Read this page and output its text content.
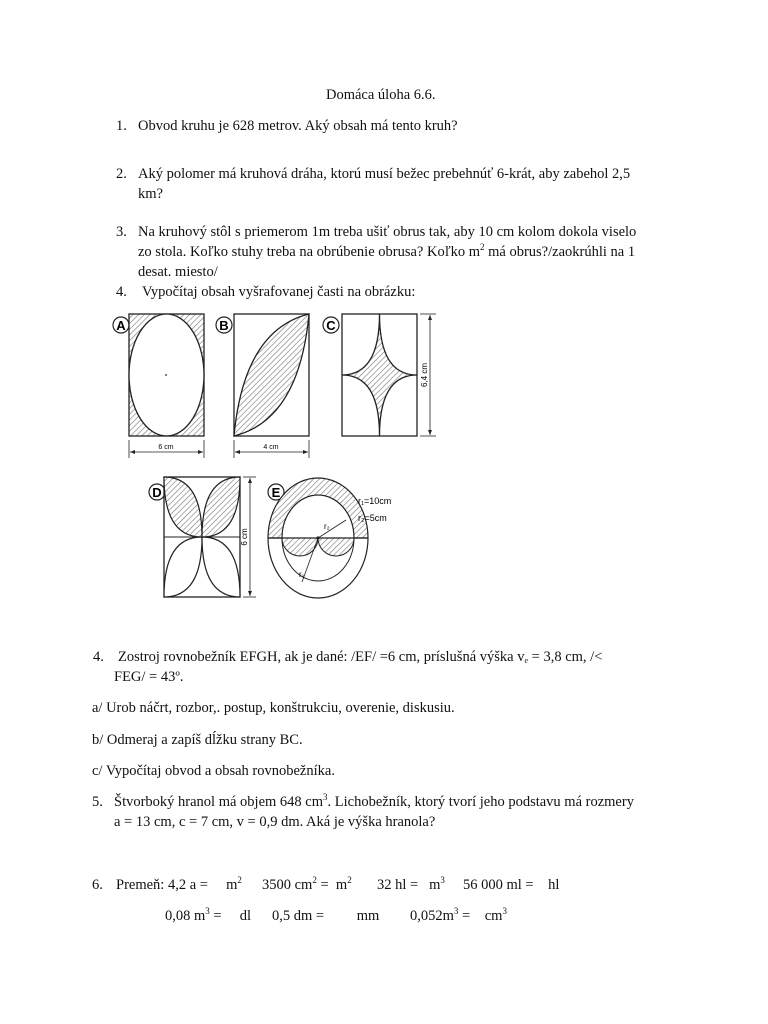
Domáca úloha 6.6.
1. Obvod kruhu je 628 metrov. Aký obsah má tento kruh?
2. Aký polomer má kruhová dráha, ktorú musí bežec prebehnúť 6-krát, aby zabehol 2,5
km?
3. Na kruhový stôl s priemerom 1m treba ušiť obrus tak, aby 10 cm kolom dokola viselo
zo stola. Koľko stuhy treba na obrúbenie obrusa? Koľko $m^2$ má obrus?/zaokrúhli na 1
desat. miesto/
4. Vypočítaj obsah vyšrafovanej časti na obrázku:
A
6 cm
B
4 cm
C
6,4 cm
D
6 cm
E
r₂
r₁
r₁=10cm
r₂=5cm
4. Zostroj rovnobežník EFGH, ak je dané: /EF/ =6 cm, príslušná výška $v_e = 3,8$ cm, /<
FEG/ = 43º.
a/ Urob náčrt, rozbor,. postup, konštrukciu, overenie, diskusiu.
b/ Odmeraj a zapíš dĺžku strany BC.
c/ Vypočítaj obvod a obsah rovnobežníka.
5. Štvorboký hranol má objem 648 $cm^3$. Lichobežník, ktorý tvorí jeho podstavu má rozmery
a = 13 cm, c = 7 cm, v = 0,9 dm. Aká je výška hranola?
6. Premeň: 4,2 $a = m^2$ 3500 $cm^2 = m^2$ 32 hl = $m^3$ 56 000 ml = hl
0,08 $m^3$ = dl 0,5 dm = mm $0,052m^3 = cm^3$
